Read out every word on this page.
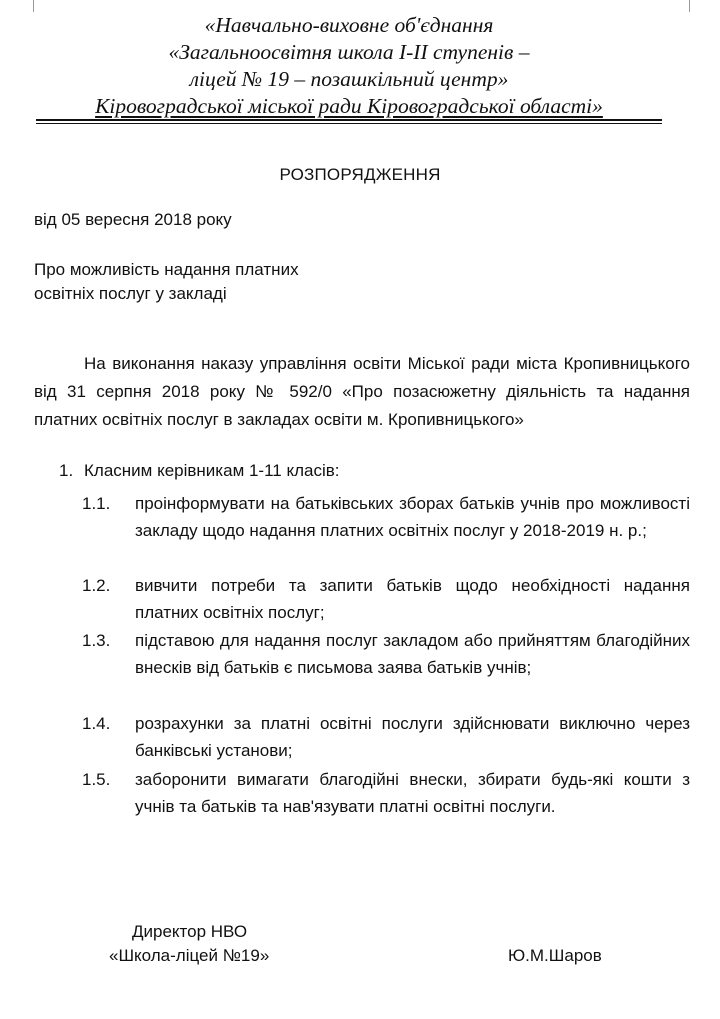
«Навчально-виховне об'єднання
«Загальноосвітня школа І-ІІ ступенів –
ліцей № 19 – позашкільний центр»
Кіровоградської міської ради Кіровоградської області»
РОЗПОРЯДЖЕННЯ
від 05 вересня 2018 року
Про можливість надання платних
освітніх послуг у закладі
На виконання наказу управління освіти Міської ради міста Кропивницького від 31 серпня 2018 року № 592/0 «Про позасюжетну діяльність та надання платних освітніх послуг в закладах освіти м. Кропивницького»
1. Класним керівникам 1-11 класів:
1.1. проінформувати на батьківських зборах батьків учнів про можливості закладу щодо надання платних освітніх послуг у 2018-2019 н. р.;
1.2. вивчити потреби та запити батьків щодо необхідності надання платних освітніх послуг;
1.3. підставою для надання послуг закладом або прийняттям благодійних внесків від батьків є письмова заява батьків учнів;
1.4. розрахунки за платні освітні послуги здійснювати виключно через банківські установи;
1.5. заборонити вимагати благодійні внески, збирати будь-які кошти з учнів та батьків та нав'язувати платні освітні послуги.
Директор НВО
«Школа-ліцей №19»	Ю.М.Шаров
